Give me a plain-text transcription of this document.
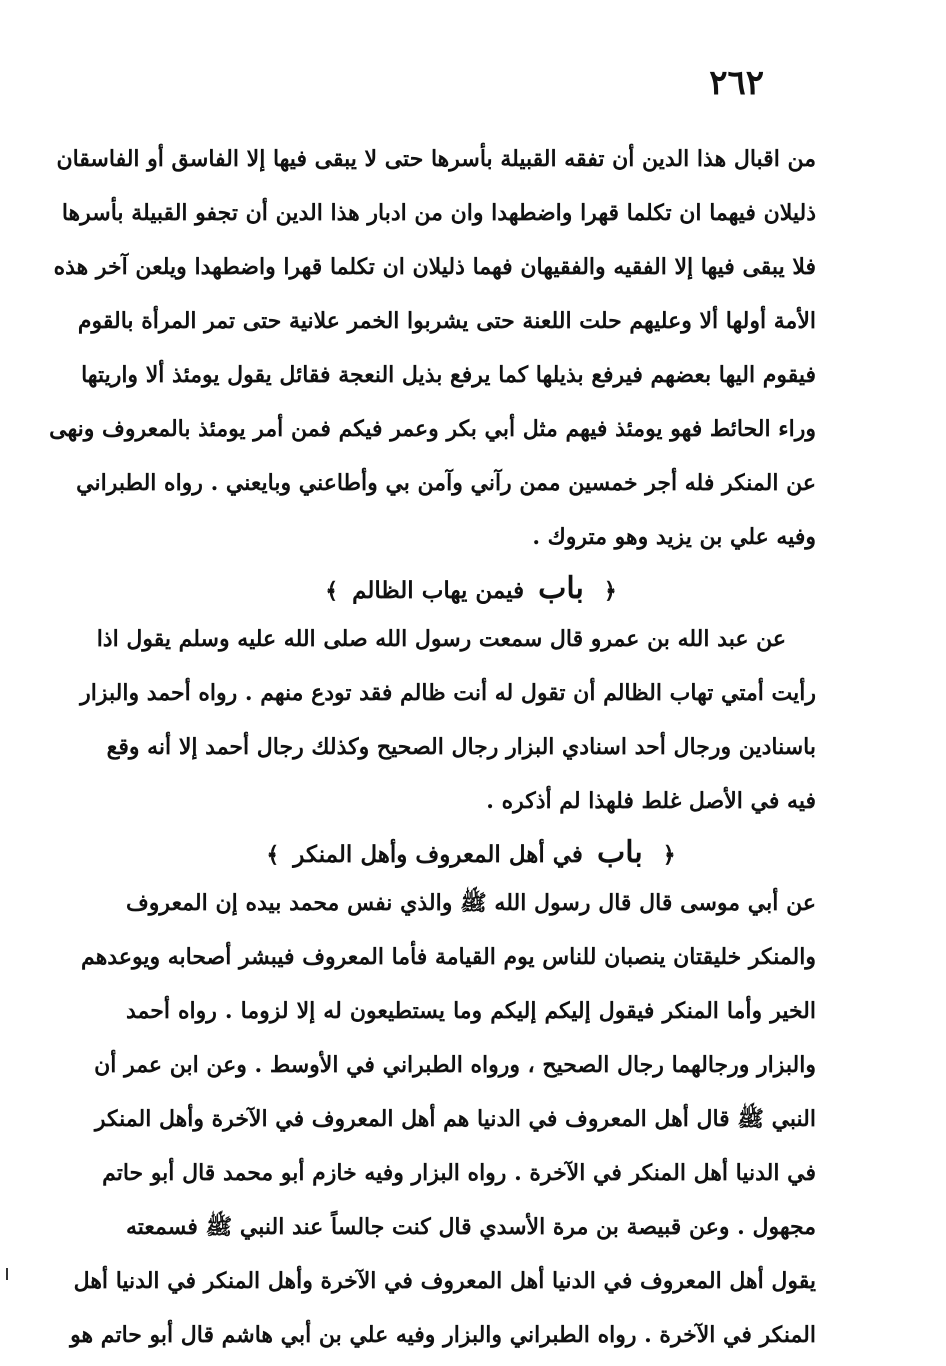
٢٦٢
من اقبال هذا الدين أن تفقه القبيلة بأسرها حتى لا يبقى فيها إلا الفاسق أو الفاسقان
ذليلان فيهما ان تكلما قهرا واضطهدا وان من ادبار هذا الدين أن تجفو القبيلة بأسرها
فلا يبقى فيها إلا الفقيه والفقيهان فهما ذليلان ان تكلما قهرا واضطهدا ويلعن آخر هذه
الأمة أولها ألا وعليهم حلت اللعنة حتى يشربوا الخمر علانية حتى تمر المرأة بالقوم
فيقوم اليها بعضهم فيرفع بذيلها كما يرفع بذيل النعجة فقائل يقول يومئذ ألا واريتها
وراء الحائط فهو يومئذ فيهم مثل أبي بكر وعمر فيكم فمن أمر يومئذ بالمعروف ونهى
عن المنكر فله أجر خمسين ممن رآني وآمن بي وأطاعني وبايعني . رواه الطبراني
وفيه علي بن يزيد وهو متروك .
﴿ باب فيمن يهاب الظالم ﴾
عن عبد الله بن عمرو قال سمعت رسول الله صلى الله عليه وسلم يقول اذا
رأيت أمتي تهاب الظالم أن تقول له أنت ظالم فقد تودع منهم . رواه أحمد والبزار
باسنادين ورجال أحد اسنادي البزار رجال الصحيح وكذلك رجال أحمد إلا أنه وقع
فيه في الأصل غلط فلهذا لم أذكره .
﴿ باب في أهل المعروف وأهل المنكر ﴾
عن أبي موسى قال قال رسول الله ﷺ والذي نفس محمد بيده إن المعروف
والمنكر خليقتان ينصبان للناس يوم القيامة فأما المعروف فيبشر أصحابه ويوعدهم
الخير وأما المنكر فيقول إليكم إليكم وما يستطيعون له إلا لزوما . رواه أحمد
والبزار ورجالهما رجال الصحيح ، ورواه الطبراني في الأوسط . وعن ابن عمر أن
النبي ﷺ قال أهل المعروف في الدنيا هم أهل المعروف في الآخرة وأهل المنكر
في الدنيا أهل المنكر في الآخرة . رواه البزار وفيه خازم أبو محمد قال أبو حاتم
مجهول . وعن قبيصة بن مرة الأسدي قال كنت جالساً عند النبي ﷺ فسمعته
يقول أهل المعروف في الدنيا أهل المعروف في الآخرة وأهل المنكر في الدنيا أهل
المنكر في الآخرة . رواه الطبراني والبزار وفيه علي بن أبي هاشم قال أبو حاتم هو
